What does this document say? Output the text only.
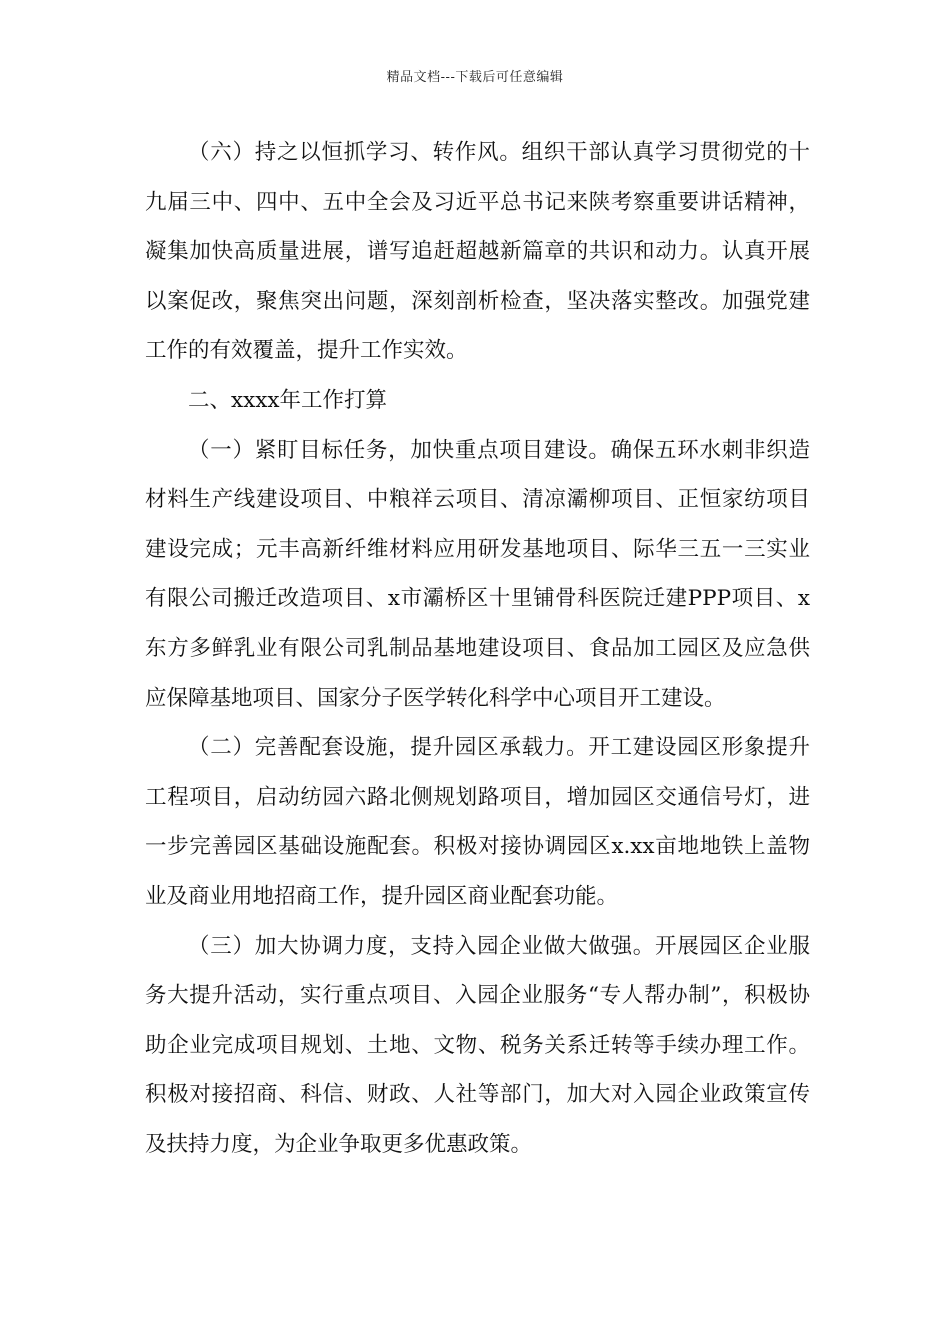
精品文档---下载后可任意编辑

（六）持之以恒抓学习、转作风。组织干部认真学习贯彻党的十九届三中、四中、五中全会及习近平总书记来陕考察重要讲话精神，凝集加快高质量进展，谱写追赶超越新篇章的共识和动力。认真开展以案促改，聚焦突出问题，深刻剖析检查，坚决落实整改。加强党建工作的有效覆盖，提升工作实效。

二、xxxx年工作打算

（一）紧盯目标任务，加快重点项目建设。确保五环水刺非织造材料生产线建设项目、中粮祥云项目、清凉灞柳项目、正恒家纺项目建设完成；元丰高新纤维材料应用研发基地项目、际华三五一三实业有限公司搬迁改造项目、x市灞桥区十里铺骨科医院迁建PPP项目、x东方多鲜乳业有限公司乳制品基地建设项目、食品加工园区及应急供应保障基地项目、国家分子医学转化科学中心项目开工建设。

（二）完善配套设施，提升园区承载力。开工建设园区形象提升工程项目，启动纺园六路北侧规划路项目，增加园区交通信号灯，进一步完善园区基础设施配套。积极对接协调园区x.xx亩地地铁上盖物业及商业用地招商工作，提升园区商业配套功能。

（三）加大协调力度，支持入园企业做大做强。开展园区企业服务大提升活动，实行重点项目、入园企业服务“专人帮办制”，积极协助企业完成项目规划、土地、文物、税务关系迁转等手续办理工作。积极对接招商、科信、财政、人社等部门，加大对入园企业政策宣传及扶持力度，为企业争取更多优惠政策。
